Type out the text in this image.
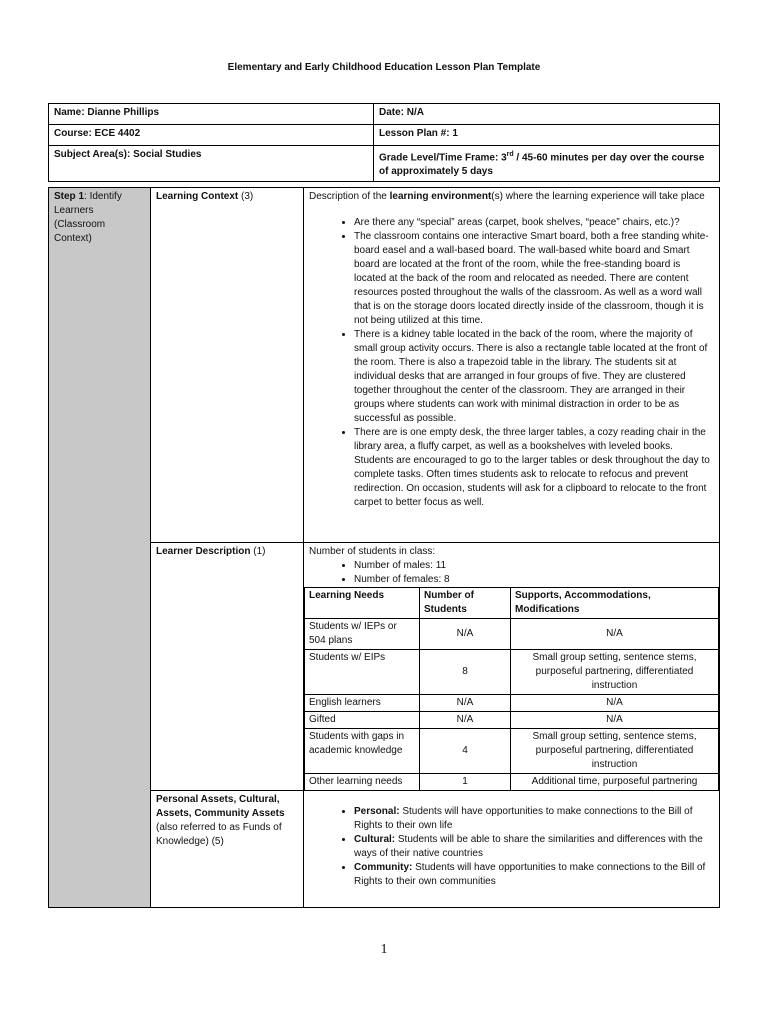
Elementary and Early Childhood Education Lesson Plan Template
Name: Dianne Phillips	Date: N/A
Course: ECE 4402	Lesson Plan #: 1
Subject Area(s): Social Studies	Grade Level/Time Frame: 3rd / 45-60 minutes per day over the course of approximately 5 days
Step 1: Identify Learners (Classroom Context)	Learning Context (3)	Description of the learning environment(s) where the learning experience will take place
• Are there any “special” areas (carpet, book shelves, “peace” chairs, etc.)?
• The classroom contains one interactive Smart board, both a free standing white-board easel and a wall-based board. The wall-based white board and Smart board are located at the front of the room, while the free-standing board is located at the back of the room and relocated as needed. There are content resources posted throughout the walls of the classroom. As well as a word wall that is on the storage doors located directly inside of the classroom, though it is not being utilized at this time.
• There is a kidney table located in the back of the room, where the majority of small group activity occurs. There is also a rectangle table located at the front of the room. There is also a trapezoid table in the library. The students sit at individual desks that are arranged in four groups of five. They are clustered together throughout the center of the classroom. They are arranged in their groups where students can work with minimal distraction in order to be as successful as possible.
• There are is one empty desk, the three larger tables, a cozy reading chair in the library area, a fluffy carpet, as well as a bookshelves with leveled books. Students are encouraged to go to the larger tables or desk throughout the day to complete tasks. Often times students ask to relocate to refocus and prevent redirection. On occasion, students will ask for a clipboard to relocate to the front carpet to better focus as well.

Learner Description (1)	Number of students in class:
• Number of males: 11
• Number of females: 8
Learning Needs	Number of Students	Supports, Accommodations, Modifications
Students w/ IEPs or 504 plans	N/A	N/A
Students w/ EIPs	8	Small group setting, sentence stems, purposeful partnering, differentiated instruction
English learners	N/A	N/A
Gifted	N/A	N/A
Students with gaps in academic knowledge	4	Small group setting, sentence stems, purposeful partnering, differentiated instruction
Other learning needs	1	Additional time, purposeful partnering

Personal Assets, Cultural, Assets, Community Assets (also referred to as Funds of Knowledge) (5)	
• Personal: Students will have opportunities to make connections to the Bill of Rights to their own life
• Cultural: Students will be able to share the similarities and differences with the ways of their native countries
• Community: Students will have opportunities to make connections to the Bill of Rights to their own communities
1
